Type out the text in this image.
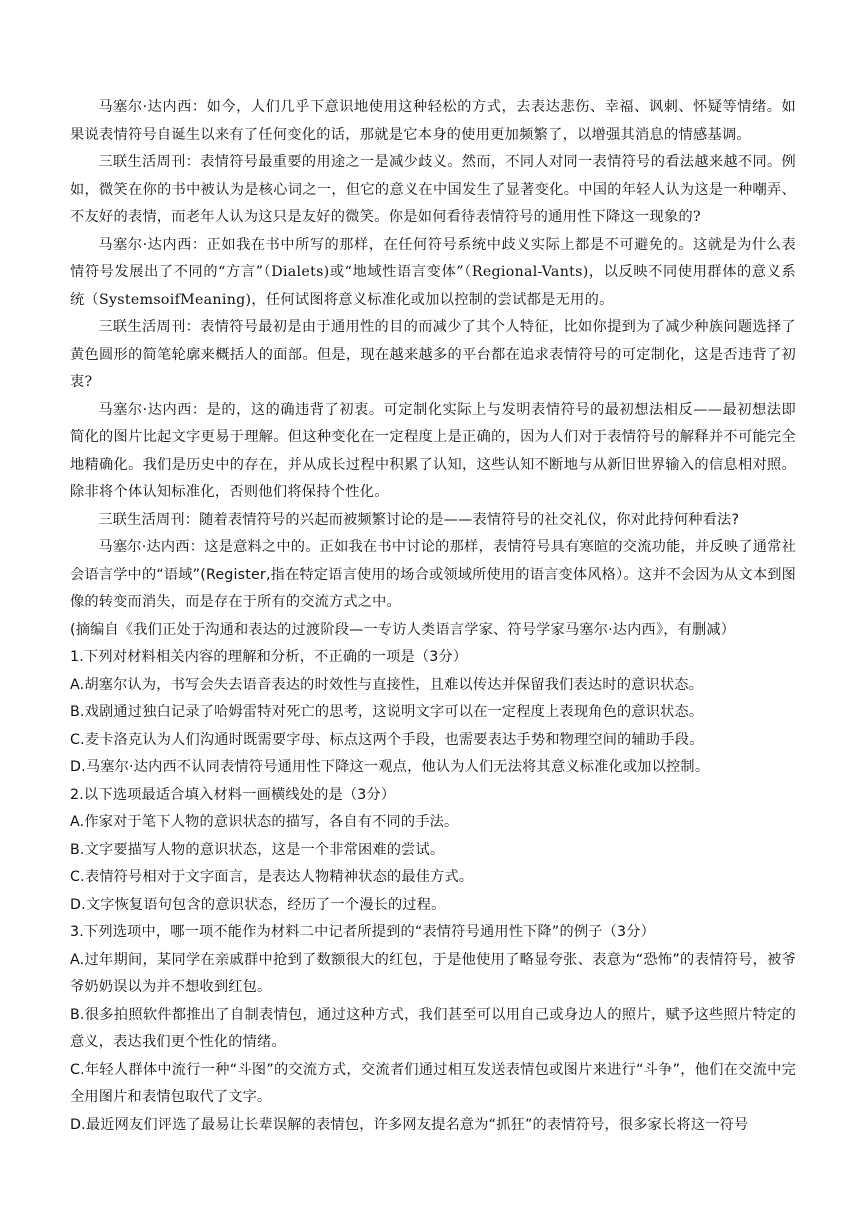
马塞尔·达内西：如今，人们几乎下意识地使用这种轻松的方式，去表达悲伤、幸福、讽刺、怀疑等情绪。如果说表情符号自诞生以来有了任何变化的话，那就是它本身的使用更加频繁了，以增强其消息的情感基调。

三联生活周刊：表情符号最重要的用途之一是减少歧义。然而，不同人对同一表情符号的看法越来越不同。例如，微笑在你的书中被认为是核心词之一，但它的意义在中国发生了显著变化。中国的年轻人认为这是一种嘲弄、不友好的表情，而老年人认为这只是友好的微笑。你是如何看待表情符号的通用性下降这一现象的?

马塞尔·达内西：正如我在书中所写的那样，在任何符号系统中歧义实际上都是不可避免的。这就是为什么表情符号发展出了不同的“方言”（Dialets)或“地域性语言变体”（Regional-Vants)，以反映不同使用群体的意义系统（SystemsoifMeaning)，任何试图将意义标准化或加以控制的尝试都是无用的。

三联生活周刊：表情符号最初是由于通用性的目的而减少了其个人特征，比如你提到为了减少种族问题选择了黄色圆形的简笔轮廓来概括人的面部。但是，现在越来越多的平台都在追求表情符号的可定制化，这是否违背了初衷?

马塞尔·达内西：是的，这的确违背了初衷。可定制化实际上与发明表情符号的最初想法相反——最初想法即简化的图片比起文字更易于理解。但这种变化在一定程度上是正确的，因为人们对于表情符号的解释并不可能完全地精确化。我们是历史中的存在，并从成长过程中积累了认知，这些认知不断地与从新旧世界输入的信息相对照。除非将个体认知标准化，否则他们将保持个性化。

三联生活周刊：随着表情符号的兴起而被频繁讨论的是——表情符号的社交礼仪，你对此持何种看法?

马塞尔·达内西：这是意料之中的。正如我在书中讨论的那样，表情符号具有寒暄的交流功能，并反映了通常社会语言学中的“语域”(Register,指在特定语言使用的场合或领域所使用的语言变体风格）。这并不会因为从文本到图像的转变而消失，而是存在于所有的交流方式之中。

(摘编自《我们正处于沟通和表达的过渡阶段—一专访人类语言学家、符号学家马塞尔·达内西》，有删减）

1.下列对材料相关内容的理解和分析，不正确的一项是（3分）

A.胡塞尔认为，书写会失去语音表达的时效性与直接性，且难以传达并保留我们表达时的意识状态。

B.戏剧通过独白记录了哈姆雷特对死亡的思考，这说明文字可以在一定程度上表现角色的意识状态。

C.麦卡洛克认为人们沟通时既需要字母、标点这两个手段，也需要表达手势和物理空间的辅助手段。

D.马塞尔·达内西不认同表情符号通用性下降这一观点，他认为人们无法将其意义标准化或加以控制。

2.以下选项最适合填入材料一画横线处的是（3分）

A.作家对于笔下人物的意识状态的描写，各自有不同的手法。

B.文字要描写人物的意识状态，这是一个非常困难的尝试。

C.表情符号相对于文字面言，是表达人物精神状态的最佳方式。

D.文字恢复语句包含的意识状态，经历了一个漫长的过程。

3.下列选项中，哪一项不能作为材料二中记者所提到的“表情符号通用性下降”的例子（3分）

A.过年期间，某同学在亲戚群中抢到了数额很大的红包，于是他使用了略显夸张、表意为“恐怖”的表情符号，被爷爷奶奶误以为并不想收到红包。

B.很多拍照软件都推出了自制表情包，通过这种方式，我们甚至可以用自己或身边人的照片，赋予这些照片特定的意义，表达我们更个性化的情绪。

C.年轻人群体中流行一种“斗图”的交流方式，交流者们通过相互发送表情包或图片来进行“斗争”，他们在交流中完全用图片和表情包取代了文字。

D.最近网友们评选了最易让长辈误解的表情包，许多网友提名意为“抓狂”的表情符号，很多家长将这一符号
